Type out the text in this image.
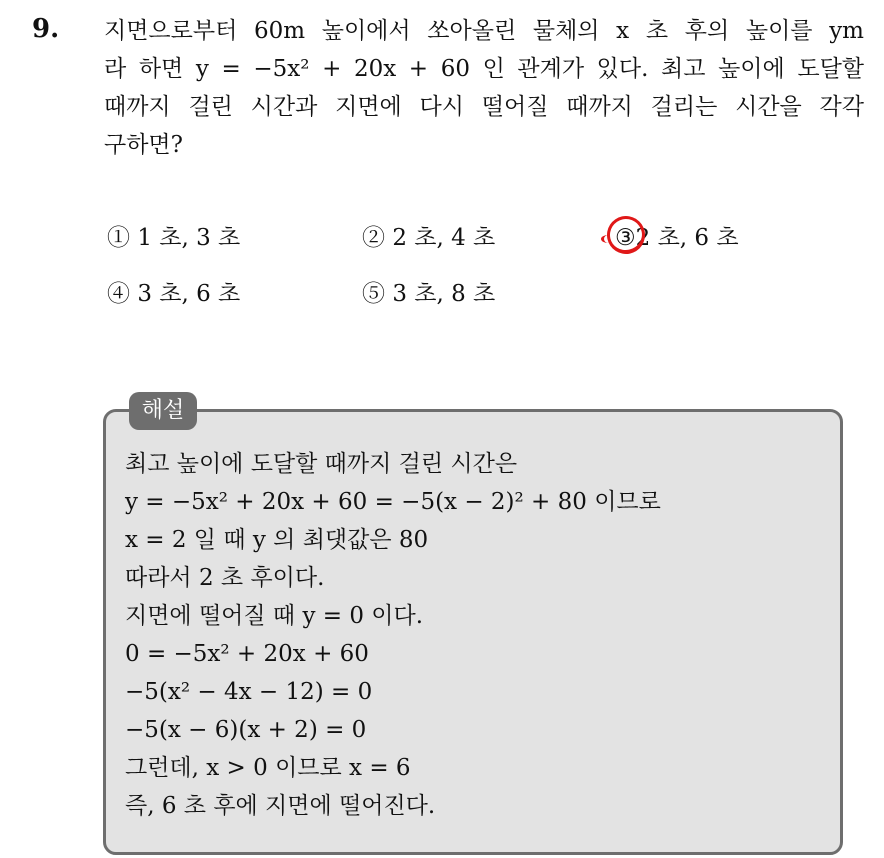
9. 지면으로부터 60m 높이에서 쏘아올린 물체의 x 초 후의 높이를 ym
라 하면 y = −5x² + 20x + 60 인 관계가 있다. 최고 높이에 도달할
때까지 걸린 시간과 지면에 다시 떨어질 때까지 걸리는 시간을 각각
구하면?
① 1 초, 3 초	② 2 초, 4 초	③
2 초, 6 초
④ 3 초, 6 초	⑤ 3 초, 8 초
해설
최고 높이에 도달할 때까지 걸린 시간은
y = −5x² + 20x + 60 = −5(x − 2)² + 80 이므로
x = 2 일 때 y 의 최댓값은 80
따라서 2 초 후이다.
지면에 떨어질 때 y = 0 이다.
0 = −5x² + 20x + 60
−5(x² − 4x − 12) = 0
−5(x − 6)(x + 2) = 0
그런데, x > 0 이므로 x = 6
즉, 6 초 후에 지면에 떨어진다.
